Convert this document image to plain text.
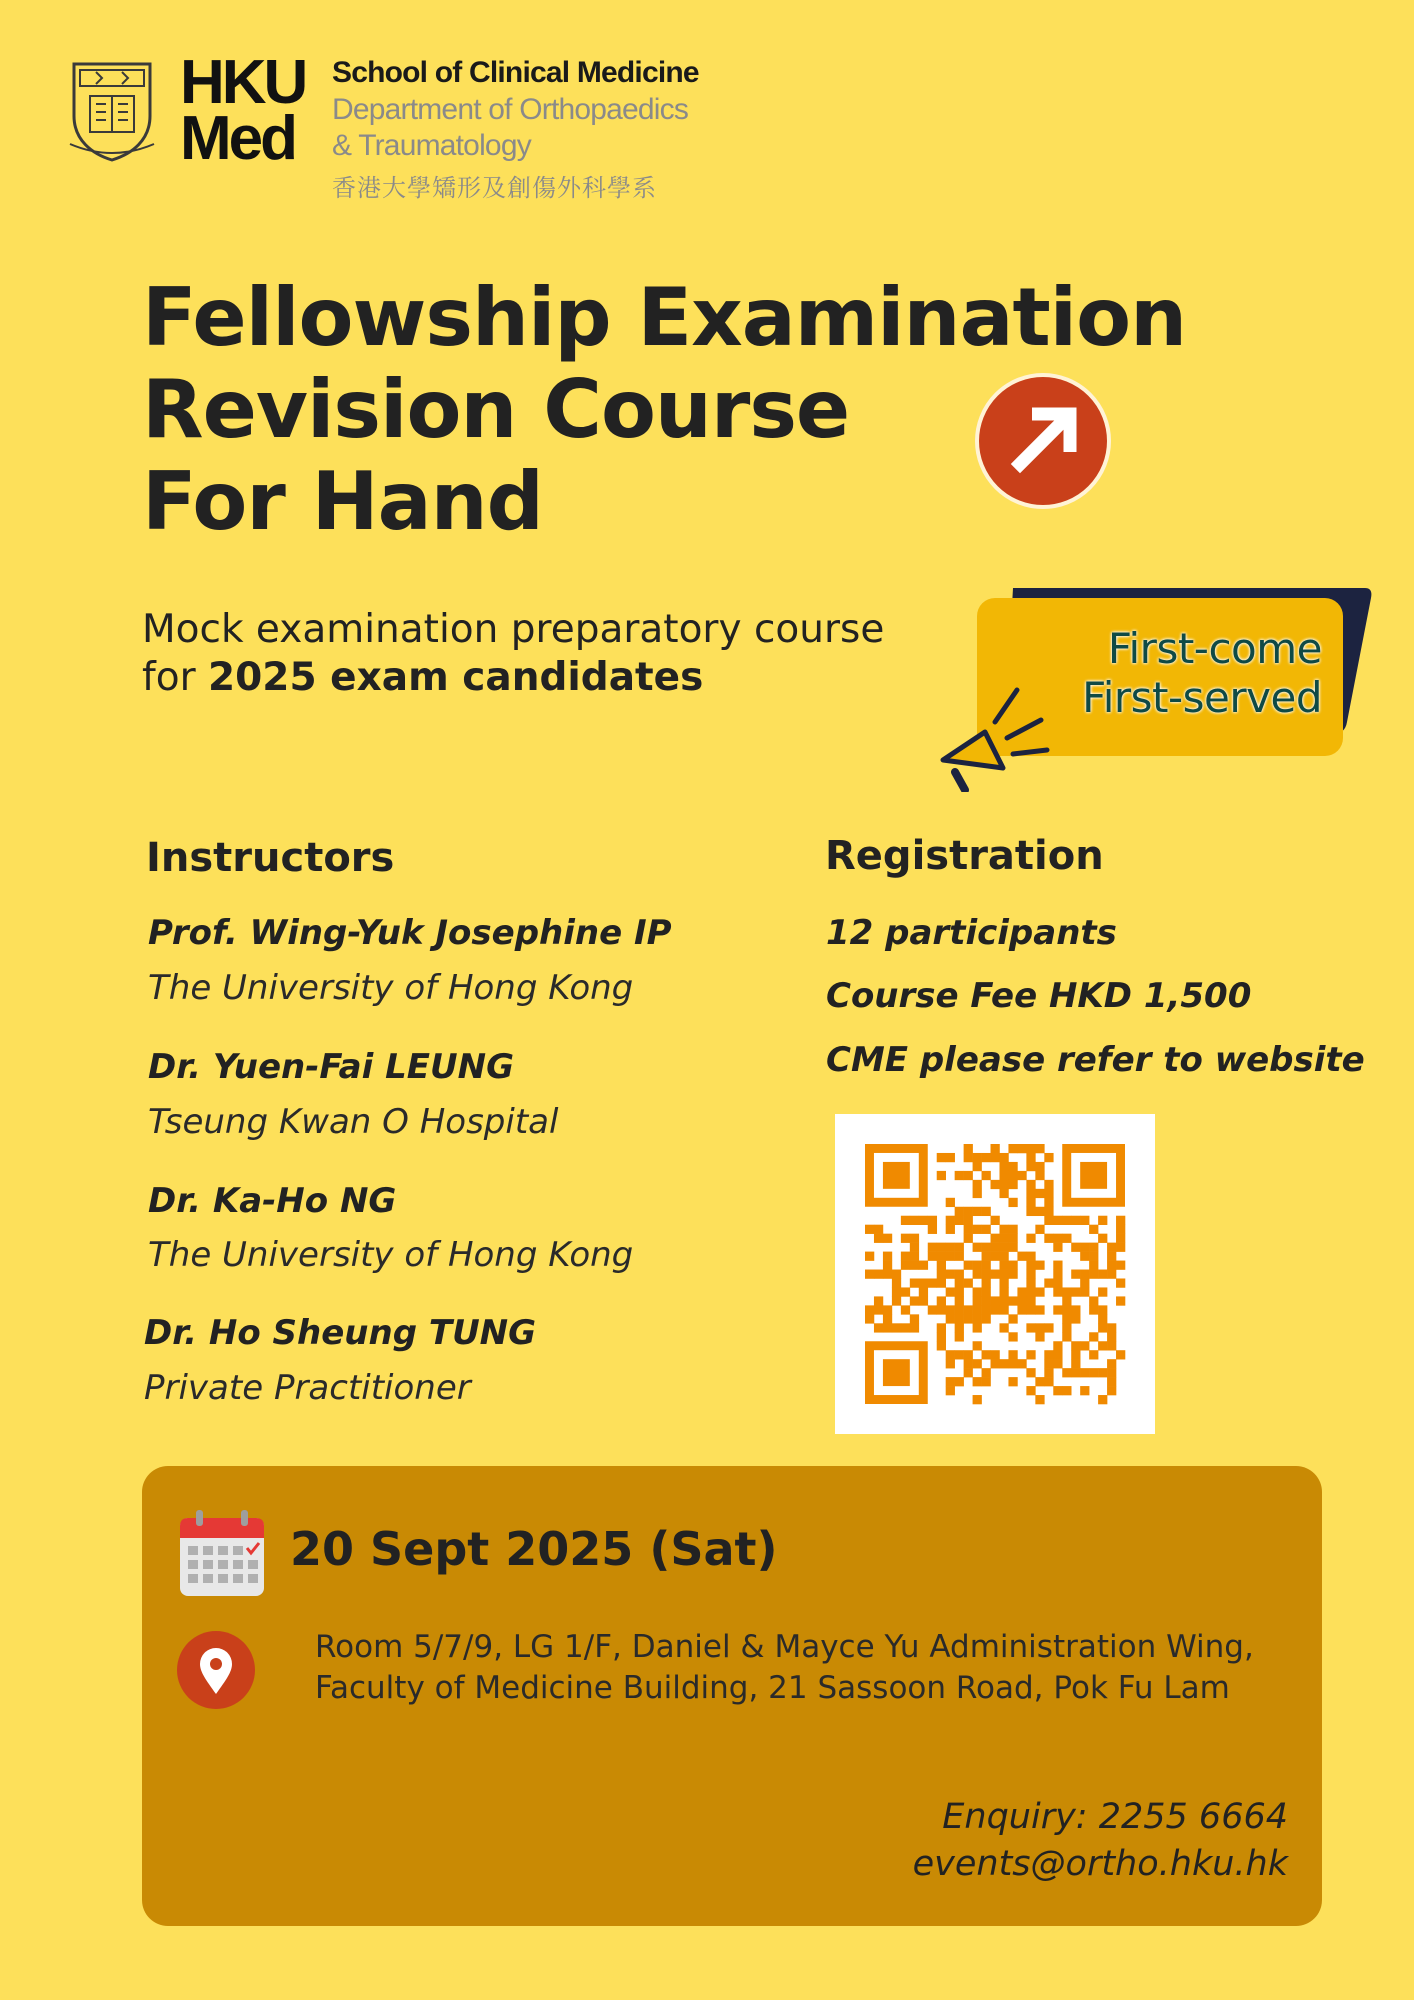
HKU
Med
School of Clinical Medicine
Department of Orthopaedics
& Traumatology
香港大學矯形及創傷外科學系
Fellowship Examination
Revision Course
For Hand
Mock examination preparatory course
for 2025 exam candidates
First-come
First-served
Instructors
Prof. Wing-Yuk Josephine IP
The University of Hong Kong
Dr. Yuen-Fai LEUNG
Tseung Kwan O Hospital
Dr. Ka-Ho NG
The University of Hong Kong
Dr. Ho Sheung TUNG
Private Practitioner
Registration
12 participants
Course Fee HKD 1,500
CME please refer to website
20 Sept 2025 (Sat)
Room 5/7/9, LG 1/F, Daniel & Mayce Yu Administration Wing,
Faculty of Medicine Building, 21 Sassoon Road, Pok Fu Lam
Enquiry: 2255 6664
events@ortho.hku.hk
